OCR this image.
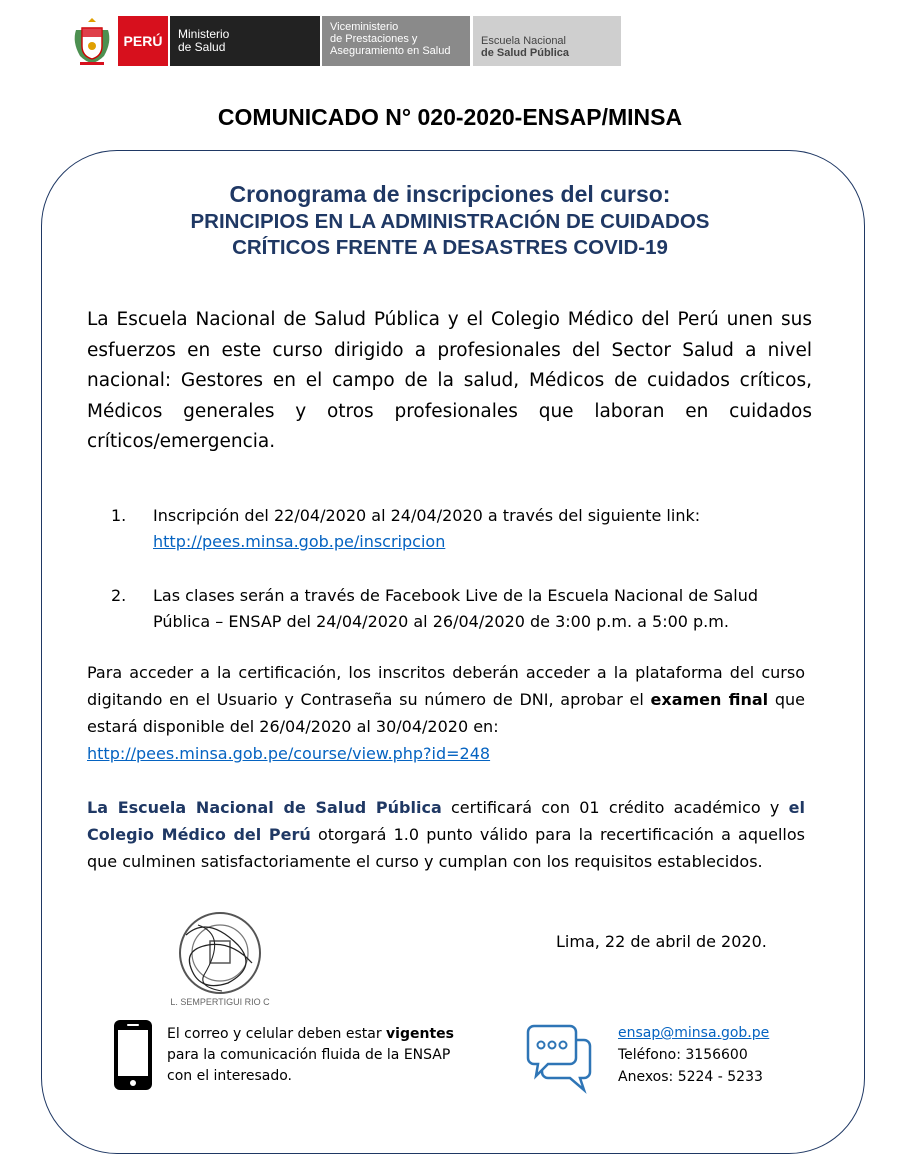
PERÚ	Ministerio
de Salud
Viceministerio
de Prestaciones y
Aseguramiento en Salud
Escuela Nacional
de Salud Pública
COMUNICADO N° 020-2020-ENSAP/MINSA
Cronograma de inscripciones del curso:
PRINCIPIOS EN LA ADMINISTRACIÓN DE CUIDADOS
CRÍTICOS FRENTE A DESASTRES COVID-19
La Escuela Nacional de Salud Pública y el Colegio Médico del Perú unen sus esfuerzos en este curso dirigido a profesionales del Sector Salud a nivel nacional: Gestores en el campo de la salud, Médicos de cuidados críticos, Médicos generales y otros profesionales que laboran en cuidados críticos/emergencia.
1. Inscripción del 22/04/2020 al 24/04/2020 a través del siguiente link:
http://pees.minsa.gob.pe/inscripcion
2. Las clases serán a través de Facebook Live de la Escuela Nacional de Salud Pública – ENSAP del 24/04/2020 al 26/04/2020 de 3:00 p.m. a 5:00 p.m.
Para acceder a la certificación, los inscritos deberán acceder a la plataforma del curso digitando en el Usuario y Contraseña su número de DNI, aprobar el examen final que estará disponible del 26/04/2020 al 30/04/2020 en:
http://pees.minsa.gob.pe/course/view.php?id=248
La Escuela Nacional de Salud Pública certificará con 01 crédito académico y el Colegio Médico del Perú otorgará 1.0 punto válido para la recertificación a aquellos que culminen satisfactoriamente el curso y cumplan con los requisitos establecidos.
L. SEMPERTIGUI RIO C
Lima, 22 de abril de 2020.
El correo y celular deben estar vigentes
para la comunicación fluida de la ENSAP
con el interesado.
ensap@minsa.gob.pe
Teléfono: 3156600
Anexos: 5224 - 5233
